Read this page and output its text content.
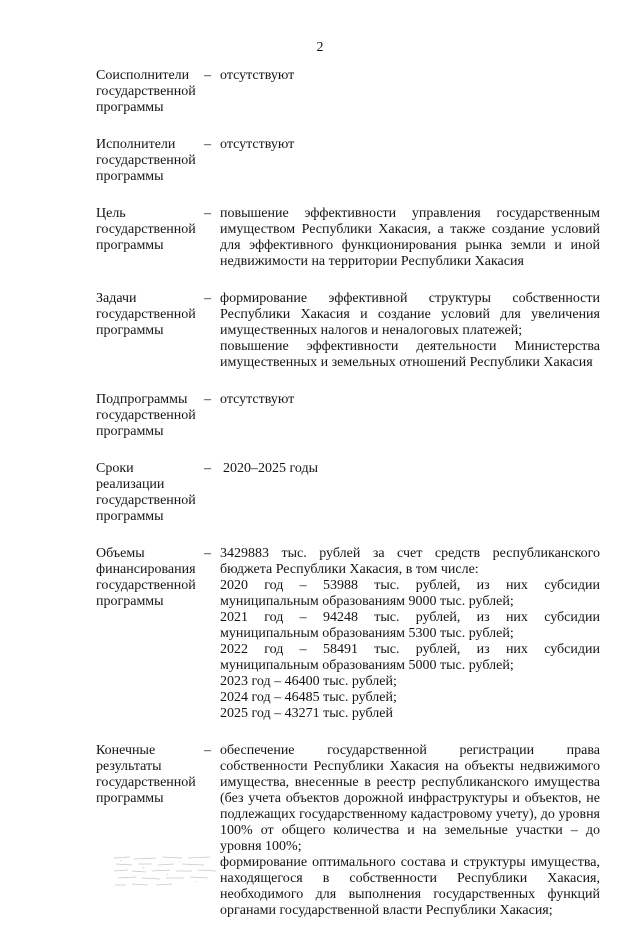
2
Соисполнители
государственной
программы
– отсутствуют
Исполнители
государственной
программы
– отсутствуют
Цель
государственной
программы
– повышение эффективности управления государственным имуществом Республики Хакасия, а также создание условий для эффективного функционирования рынка земли и иной недвижимости на территории Республики Хакасия
Задачи
государственной
программы
– формирование эффективной структуры собственности Республики Хакасия и создание условий для увеличения имущественных налогов и неналоговых платежей;
повышение эффективности деятельности Министерства имущественных и земельных отношений Республики Хакасия
Подпрограммы
государственной
программы
– отсутствуют
Сроки
реализации
государственной
программы
– 2020–2025 годы
Объемы
финансирования
государственной
программы
– 3429883 тыс. рублей за счет средств республиканского бюджета Республики Хакасия, в том числе:
2020 год – 53988 тыс. рублей, из них субсидии
муниципальным образованиям 9000 тыс. рублей;
2021 год – 94248 тыс. рублей, из них субсидии
муниципальным образованиям 5300 тыс. рублей;
2022 год – 58491 тыс. рублей, из них субсидии
муниципальным образованиям 5000 тыс. рублей;
2023 год – 46400 тыс. рублей;
2024 год – 46485 тыс. рублей;
2025 год – 43271 тыс. рублей
Конечные
результаты
государственной
программы
– обеспечение государственной регистрации права собственности Республики Хакасия на объекты недвижимого имущества, внесенные в реестр республиканского имущества (без учета объектов дорожной инфраструктуры и объектов, не подлежащих государственному кадастровому учету), до уровня 100% от общего количества и на земельные участки – до уровня 100%;
формирование оптимального состава и структуры имущества, находящегося в собственности Республики Хакасия, необходимого для выполнения государственных функций органами государственной власти Республики Хакасия;
